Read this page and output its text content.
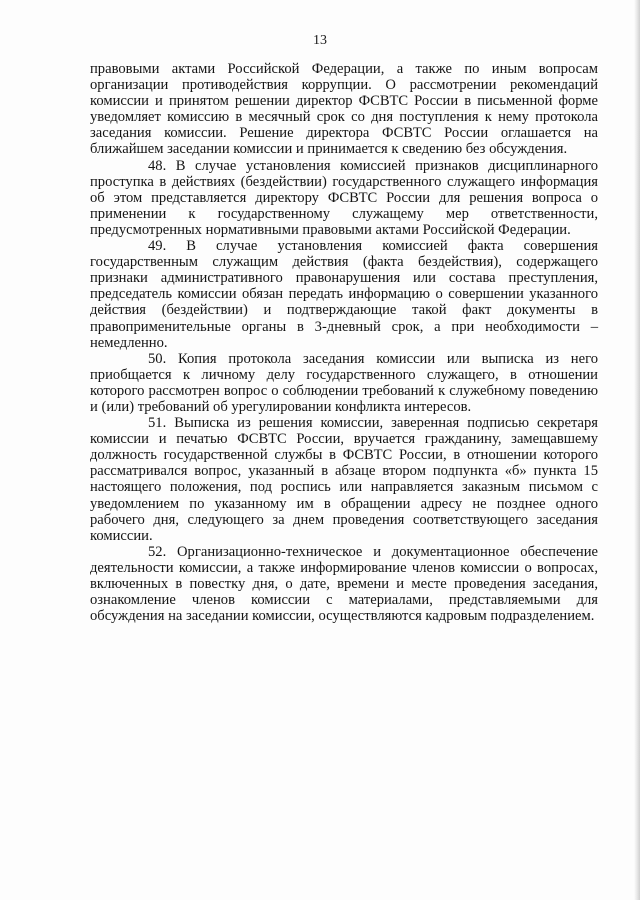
13

правовыми актами Российской Федерации, а также по иным вопросам организации противодействия коррупции. О рассмотрении рекомендаций комиссии и принятом решении директор ФСВТС России в письменной форме уведомляет комиссию в месячный срок со дня поступления к нему протокола заседания комиссии. Решение директора ФСВТС России оглашается на ближайшем заседании комиссии и принимается к сведению без обсуждения.

48. В случае установления комиссией признаков дисциплинарного проступка в действиях (бездействии) государственного служащего информация об этом представляется директору ФСВТС России для решения вопроса о применении к государственному служащему мер ответственности, предусмотренных нормативными правовыми актами Российской Федерации.

49. В случае установления комиссией факта совершения государственным служащим действия (факта бездействия), содержащего признаки административного правонарушения или состава преступления, председатель комиссии обязан передать информацию о совершении указанного действия (бездействии) и подтверждающие такой факт документы в правоприменительные органы в 3-дневный срок, а при необходимости – немедленно.

50. Копия протокола заседания комиссии или выписка из него приобщается к личному делу государственного служащего, в отношении которого рассмотрен вопрос о соблюдении требований к служебному поведению и (или) требований об урегулировании конфликта интересов.

51. Выписка из решения комиссии, заверенная подписью секретаря комиссии и печатью ФСВТС России, вручается гражданину, замещавшему должность государственной службы в ФСВТС России, в отношении которого рассматривался вопрос, указанный в абзаце втором подпункта «б» пункта 15 настоящего положения, под роспись или направляется заказным письмом с уведомлением по указанному им в обращении адресу не позднее одного рабочего дня, следующего за днем проведения соответствующего заседания комиссии.

52. Организационно-техническое и документационное обеспечение деятельности комиссии, а также информирование членов комиссии о вопросах, включенных в повестку дня, о дате, времени и месте проведения заседания, ознакомление членов комиссии с материалами, представляемыми для обсуждения на заседании комиссии, осуществляются кадровым подразделением.
